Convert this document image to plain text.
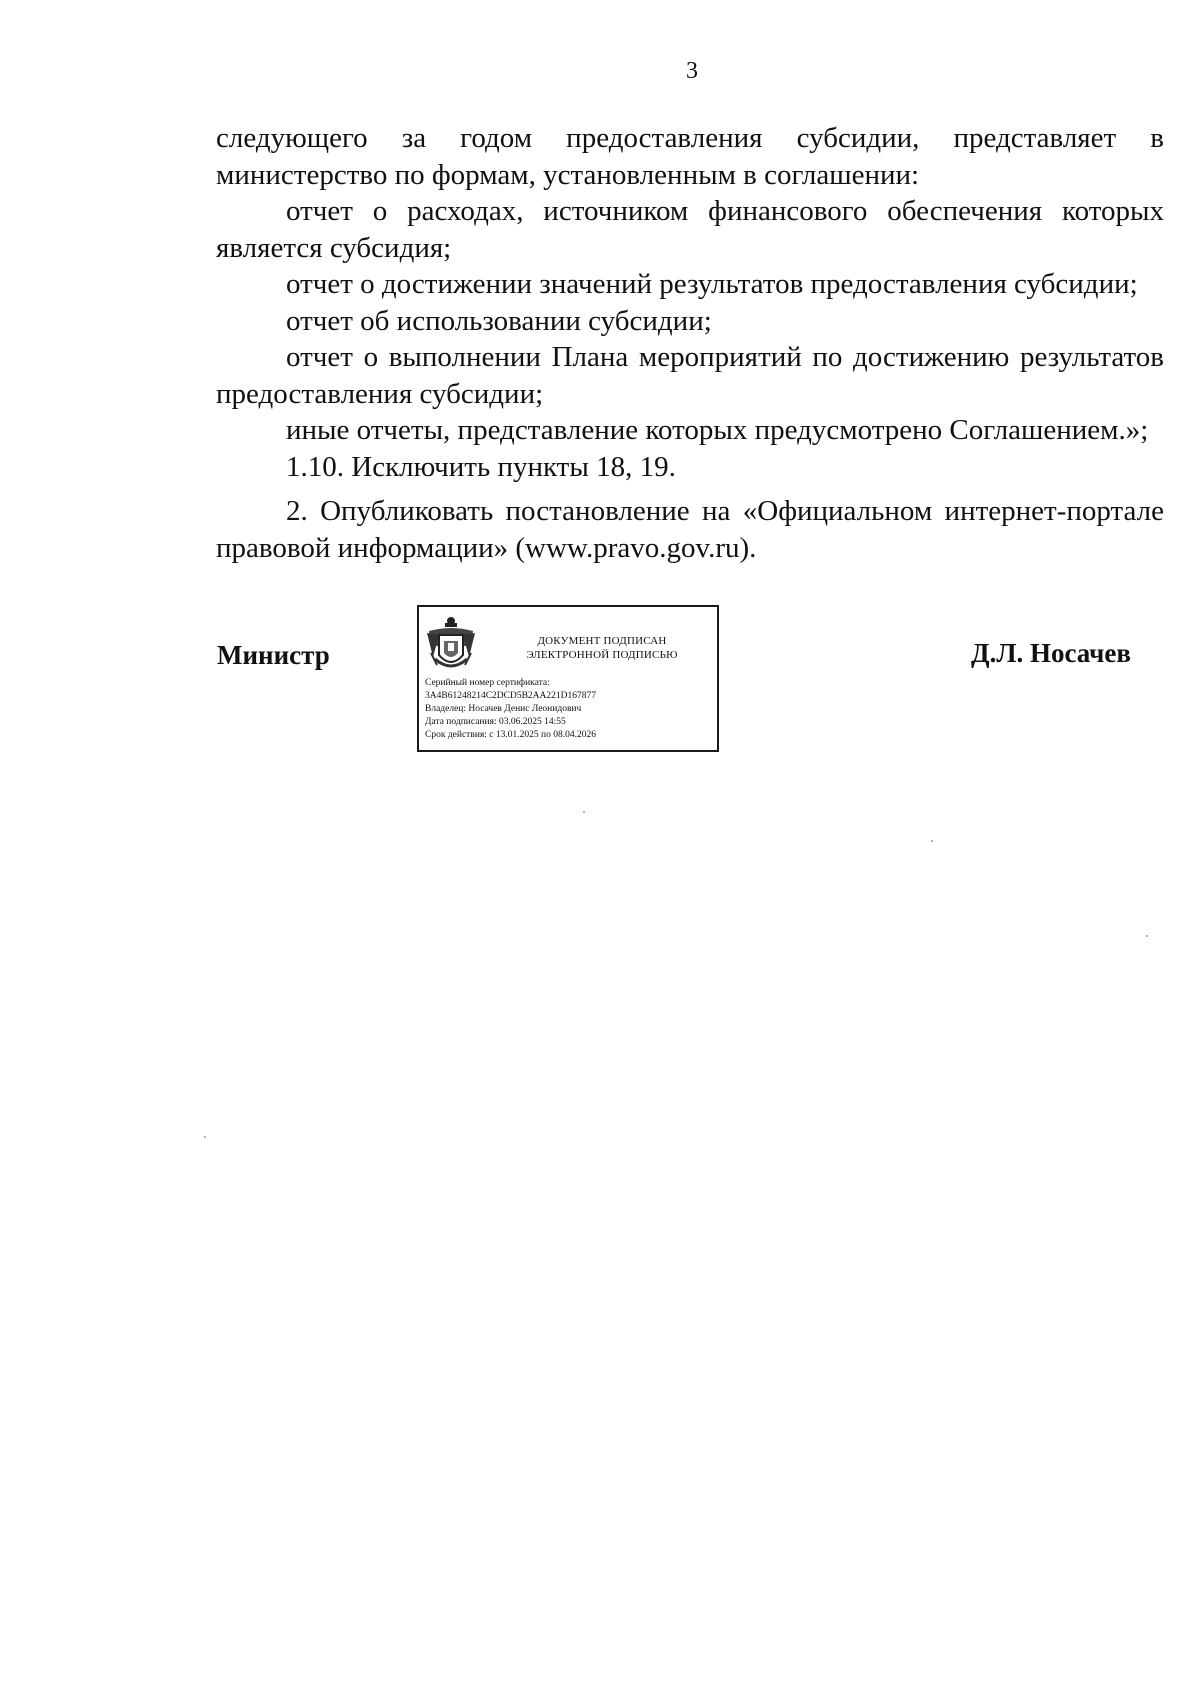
3

следующего за годом предоставления субсидии, представляет в министерство по формам, установленным в соглашении:

отчет о расходах, источником финансового обеспечения которых является субсидия;

отчет о достижении значений результатов предоставления субсидии;

отчет об использовании субсидии;

отчет о выполнении Плана мероприятий по достижению результатов предоставления субсидии;

иные отчеты, представление которых предусмотрено Соглашением.»;

1.10. Исключить пункты 18, 19.

2. Опубликовать постановление на «Официальном интернет-портале правовой информации» (www.pravo.gov.ru).

Министр	ДОКУМЕНТ ПОДПИСАН
ЭЛЕКТРОННОЙ ПОДПИСЬЮ
Серийный номер сертификата:
3A4B61248214C2DCD5B2AA221D167877
Владелец: Носачев Денис Леонидович
Дата подписания: 03.06.2025 14:55
Срок действия: с 13.01.2025 по 08.04.2026
Д.Л. Носачев
